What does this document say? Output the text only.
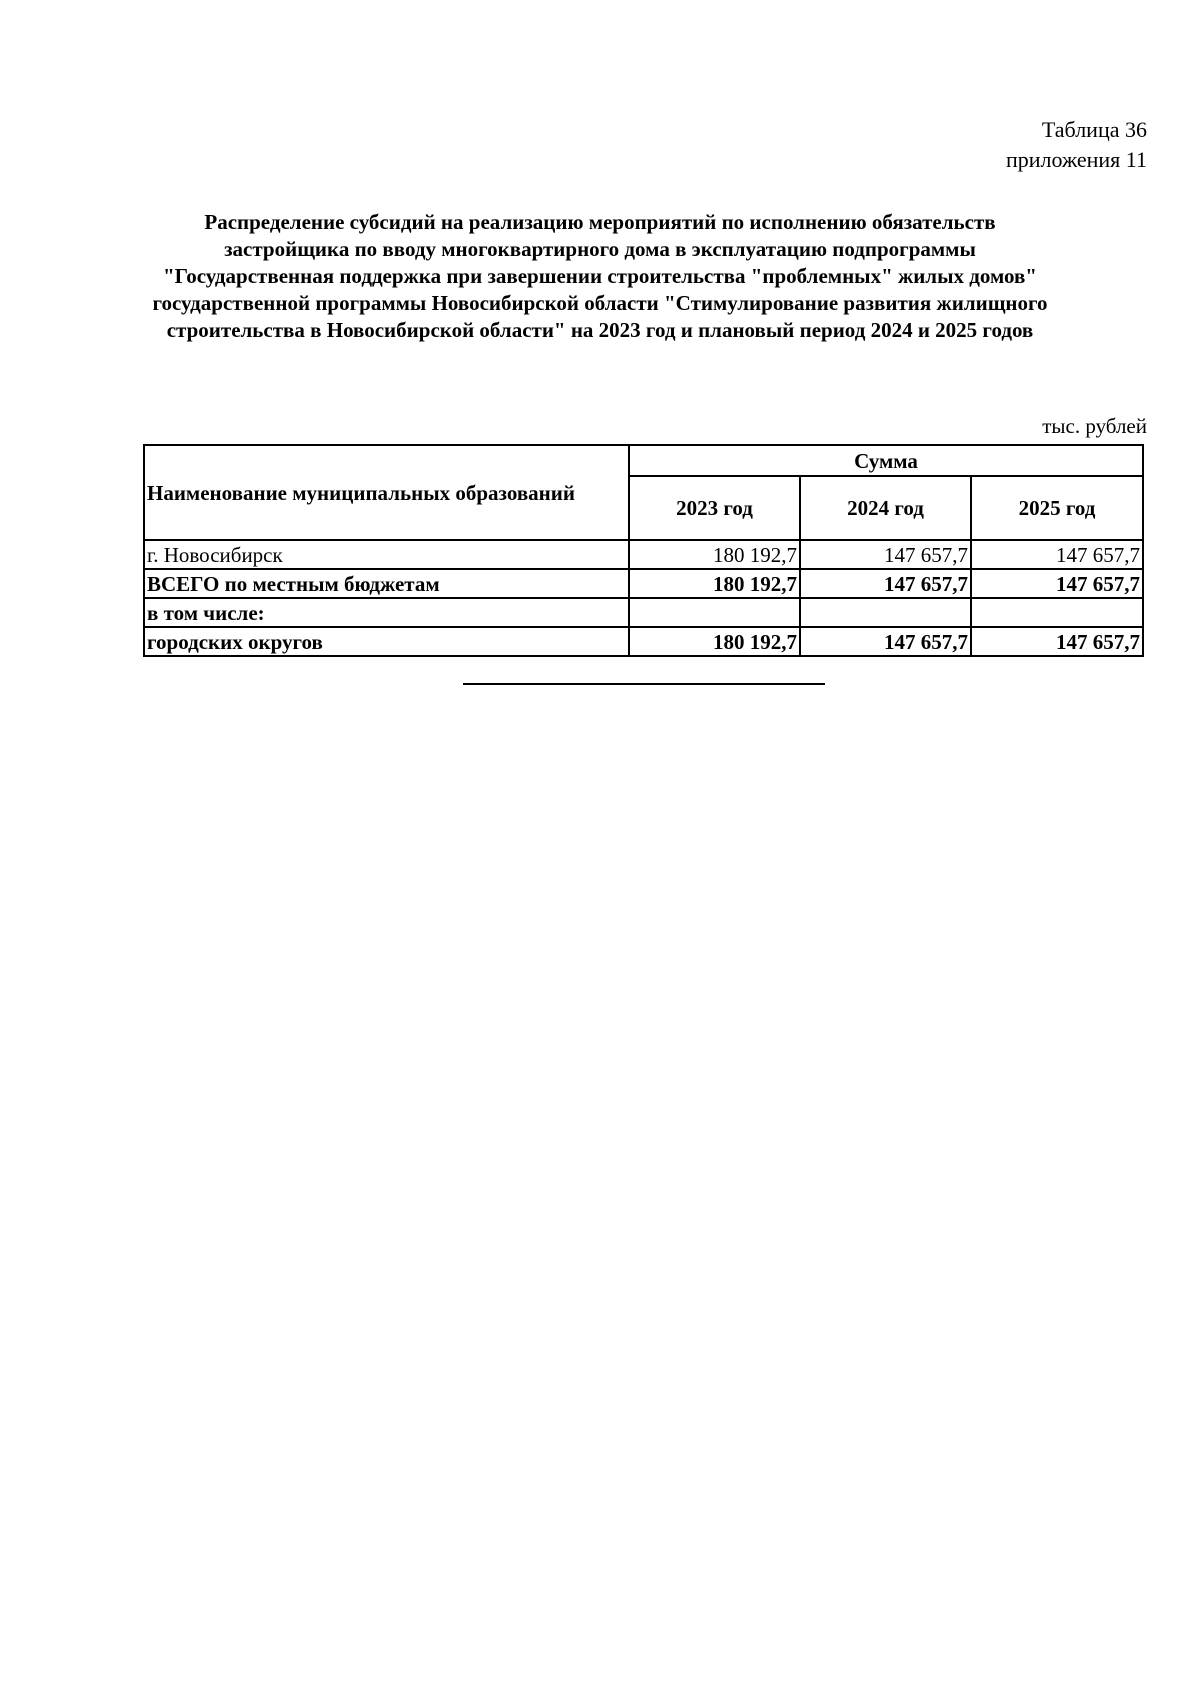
Таблица 36
приложения 11
Распределение субсидий на реализацию мероприятий по исполнению обязательств
застройщика по вводу многоквартирного дома в эксплуатацию подпрограммы
"Государственная поддержка при завершении строительства "проблемных" жилых домов"
государственной программы Новосибирской области "Стимулирование развития жилищного
строительства в Новосибирской области" на 2023 год и плановый период 2024 и 2025 годов
тыс. рублей
Наименование муниципальных образований	Сумма		
	2023 год	2024 год	2025 год
г. Новосибирск	180 192,7	147 657,7	147 657,7
ВСЕГО по местным бюджетам	180 192,7	147 657,7	147 657,7
в том числе:			
городских округов	180 192,7	147 657,7	147 657,7
